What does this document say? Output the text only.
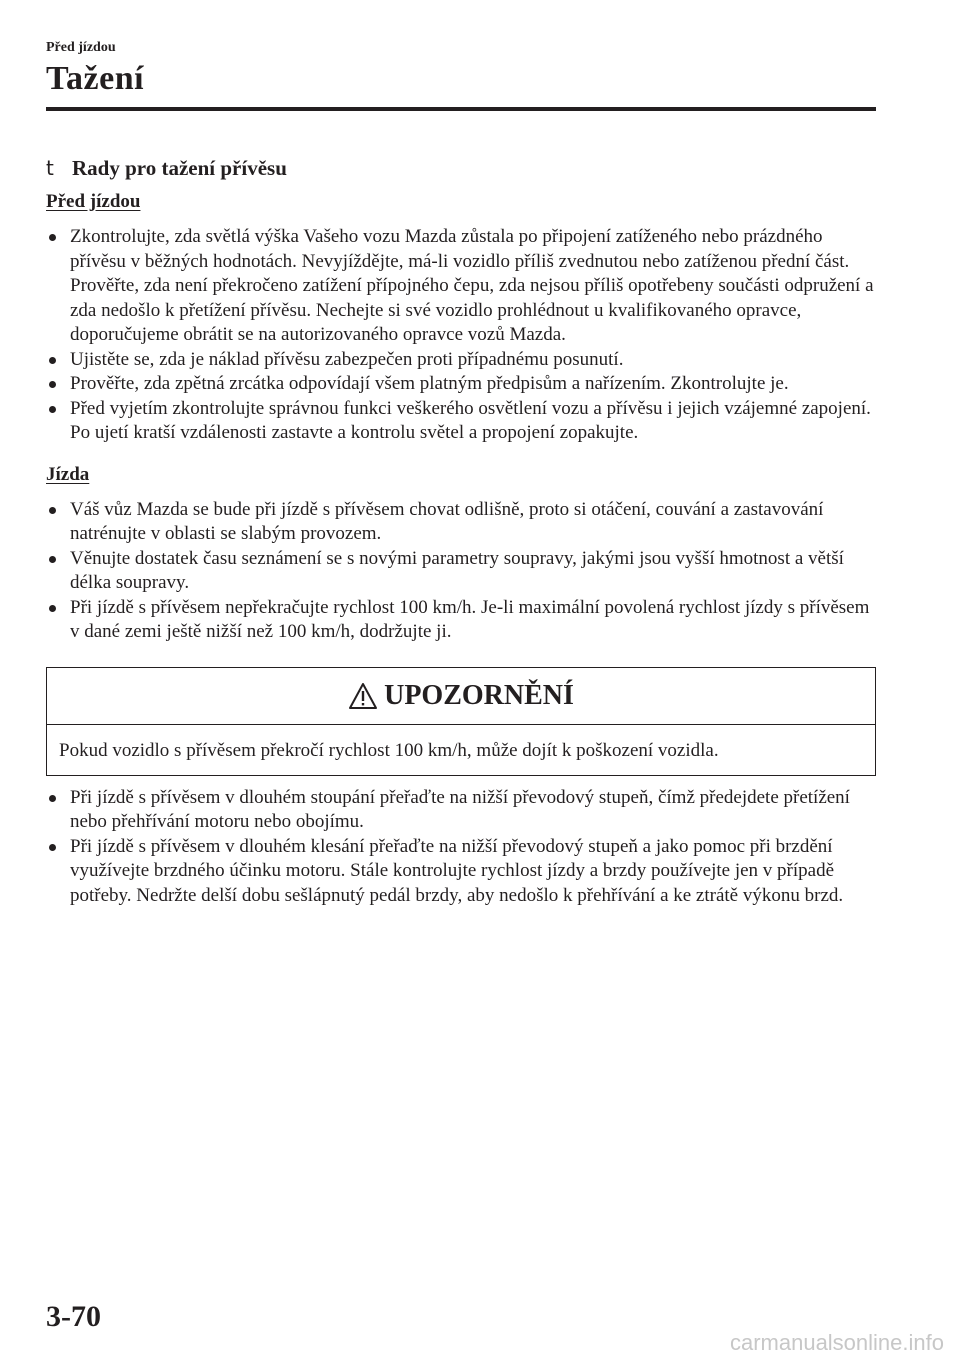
Před jízdou
Tažení
t Rady pro tažení přívěsu
Před jízdou
Zkontrolujte, zda světlá výška Vašeho vozu Mazda zůstala po připojení zatíženého nebo prázdného přívěsu v běžných hodnotách. Nevyjíždějte, má-li vozidlo příliš zvednutou nebo zatíženou přední část. Prověřte, zda není překročeno zatížení přípojného čepu, zda nejsou příliš opotřebeny součásti odpružení a zda nedošlo k přetížení přívěsu. Nechejte si své vozidlo prohlédnout u kvalifikovaného opravce, doporučujeme obrátit se na autorizovaného opravce vozů Mazda.
Ujistěte se, zda je náklad přívěsu zabezpečen proti případnému posunutí.
Prověřte, zda zpětná zrcátka odpovídají všem platným předpisům a nařízením. Zkontrolujte je.
Před vyjetím zkontrolujte správnou funkci veškerého osvětlení vozu a přívěsu i jejich vzájemné zapojení. Po ujetí kratší vzdálenosti zastavte a kontrolu světel a propojení zopakujte.
Jízda
Váš vůz Mazda se bude při jízdě s přívěsem chovat odlišně, proto si otáčení, couvání a zastavování natrénujte v oblasti se slabým provozem.
Věnujte dostatek času seznámení se s novými parametry soupravy, jakými jsou vyšší hmotnost a větší délka soupravy.
Při jízdě s přívěsem nepřekračujte rychlost 100 km/h. Je-li maximální povolená rychlost jízdy s přívěsem v dané zemi ještě nižší než 100 km/h, dodržujte ji.
UPOZORNĚNÍ
Pokud vozidlo s přívěsem překročí rychlost 100 km/h, může dojít k poškození vozidla.
Při jízdě s přívěsem v dlouhém stoupání přeřaďte na nižší převodový stupeň, čímž předejdete přetížení nebo přehřívání motoru nebo obojímu.
Při jízdě s přívěsem v dlouhém klesání přeřaďte na nižší převodový stupeň a jako pomoc při brzdění využívejte brzdného účinku motoru. Stále kontrolujte rychlost jízdy a brzdy používejte jen v případě potřeby. Nedržte delší dobu sešlápnutý pedál brzdy, aby nedošlo k přehřívání a ke ztrátě výkonu brzd.
3-70
carmanualsonline.info
